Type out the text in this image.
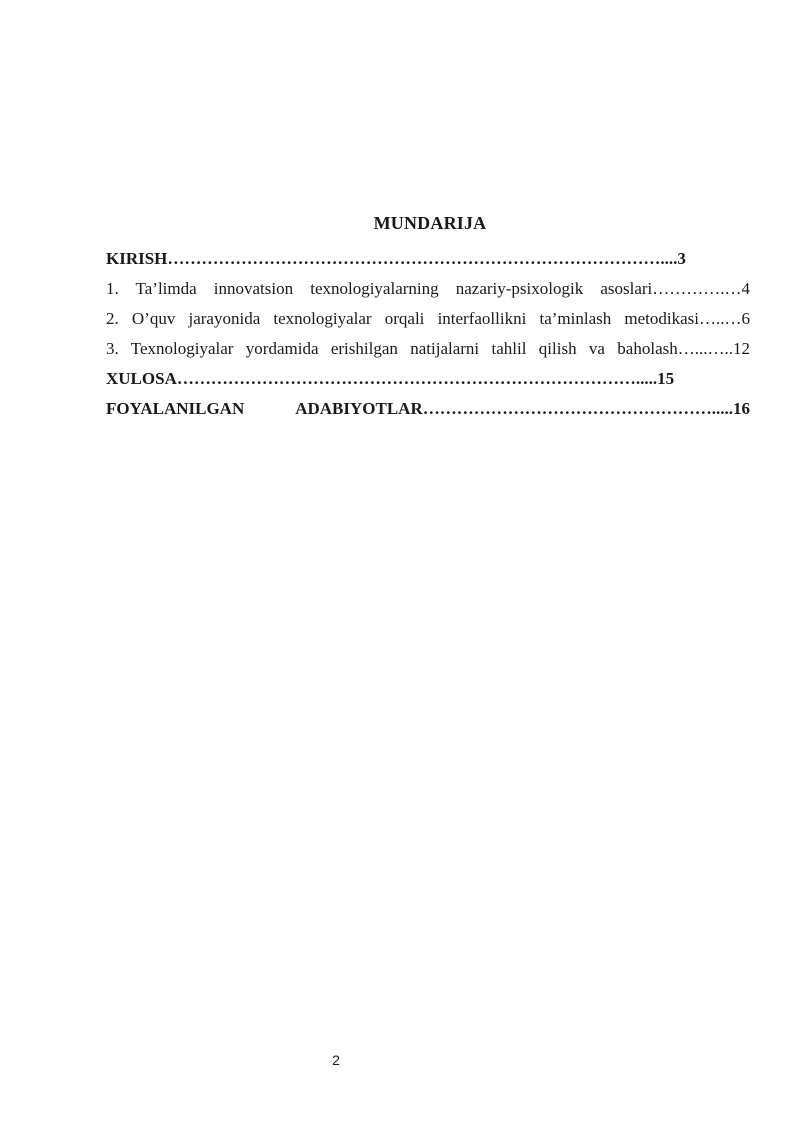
MUNDARIJA
KIRISH……………………………………………………………………………....3
1. Ta’limda innovatsion texnologiyalarning nazariy-psixologik asoslari………….…4
2. O’quv jarayonida texnologiyalar orqali interfaollikni ta’minlash metodikasi…..…6
3. Texnologiyalar yordamida erishilgan natijalarni tahlil qilish va baholash…...…..12
XULOSA……………………………………………………………………….....15
FOYALANILGAN ADABIYOTLAR…………………………………………….....16
2
